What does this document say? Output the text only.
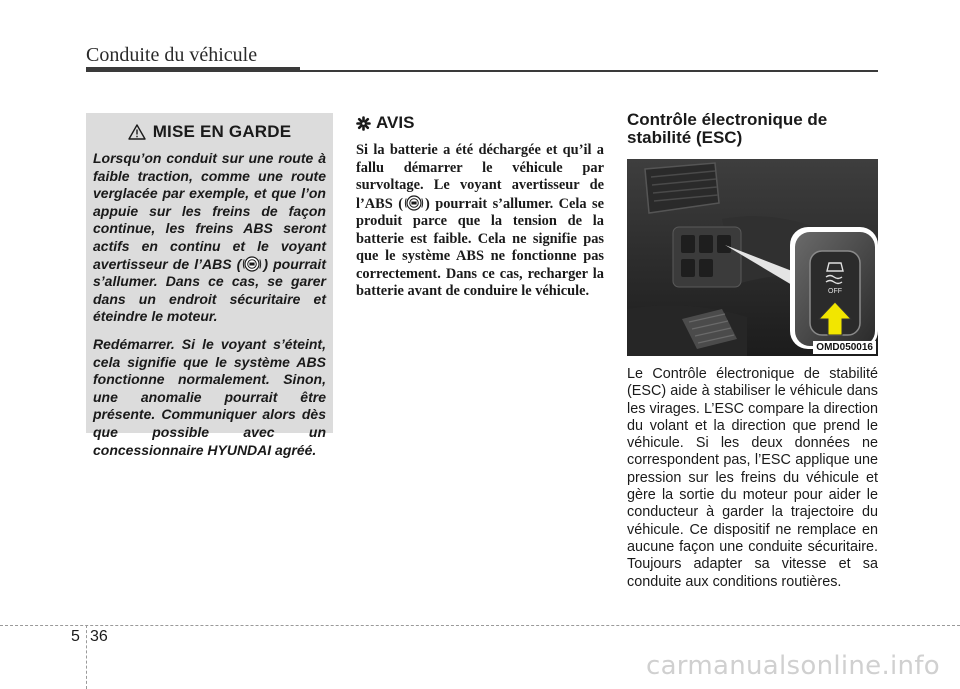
Conduite du véhicule
MISE EN GARDE

Lorsqu’on conduit sur une route à faible traction, comme une route verglacée par exemple, et que l’on appuie sur les freins de façon continue, les freins ABS seront actifs en continu et le voyant avertisseur de l’ABS ( ) pourrait s’allumer. Dans ce cas, se garer dans un endroit sécuritaire et éteindre le moteur.

Redémarrer. Si le voyant s’éteint, cela signifie que le système ABS fonctionne normalement. Sinon, une anomalie pourrait être présente. Communiquer alors dès que possible avec un concessionnaire HYUNDAI agréé.

AVIS

Si la batterie a été déchargée et qu’il a fallu démarrer le véhicule par survoltage. Le voyant avertisseur de l’ABS ( ) pourrait s’allumer. Cela se produit parce que la tension de la batterie est faible. Cela ne signifie pas que le système ABS ne fonctionne pas correctement. Dans ce cas, recharger la batterie avant de conduire le véhicule.

Contrôle électronique de stabilité (ESC)
OFF
OMD050016

Le Contrôle électronique de stabilité (ESC) aide à stabiliser le véhicule dans les virages. L’ESC compare la direction du volant et la direction que prend le véhicule. Si les deux données ne correspondent pas, l’ESC applique une pression sur les freins du véhicule et gère la sortie du moteur pour aider le conducteur à garder la trajectoire du véhicule. Ce dispositif ne remplace en aucune façon une conduite sécuritaire. Toujours adapter sa vitesse et sa conduite aux conditions routières.

5 36
carmanualsonline.info
